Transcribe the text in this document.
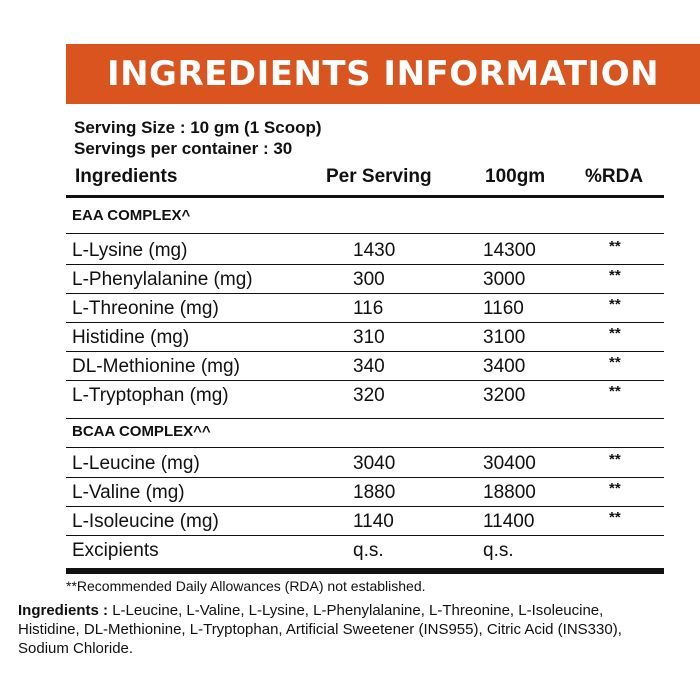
INGREDIENTS INFORMATION
Serving Size : 10 gm (1 Scoop)
Servings per container : 30
Ingredients	Per Serving	100gm %RDA
EAA COMPLEX^
L-Lysine (mg)	1430	14300	**
L-Phenylalanine (mg)	300	3000	**
L-Threonine (mg)	116	1160	**
Histidine (mg)	310	3100	**
DL-Methionine (mg)	340	3400	**
L-Tryptophan (mg)	320	3200	**
BCAA COMPLEX^^
L-Leucine (mg)	3040	30400	**
L-Valine (mg)	1880	18800	**
L-Isoleucine (mg)	1140	11400	**
Excipients	q.s.	q.s.
**Recommended Daily Allowances (RDA) not established.
Ingredients : L-Leucine, L-Valine, L-Lysine, L-Phenylalanine, L-Threonine, L-Isoleucine,
Histidine, DL-Methionine, L-Tryptophan, Artificial Sweetener (INS955), Citric Acid (INS330),
Sodium Chloride.
